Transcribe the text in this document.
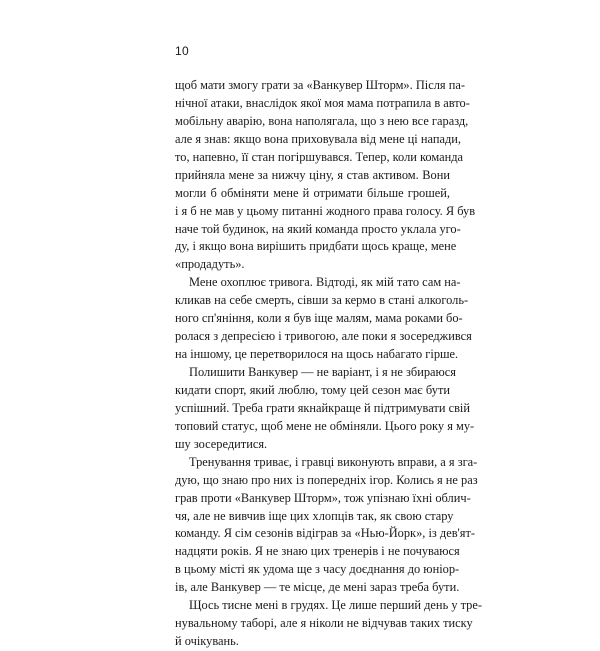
10
щоб мати змогу грати за «Ванкувер Шторм». Після па-
нічної атаки, внаслідок якої моя мама потрапила в авто-
мобільну аварію, вона наполягала, що з нею все гаразд,
але я знав: якщо вона приховувала від мене ці напади,
то, напевно, її стан погіршувався. Тепер, коли команда
прийняла мене за нижчу ціну, я став активом. Вони
могли б обміняти мене й отримати більше грошей,
і я б не мав у цьому питанні жодного права голосу. Я був
наче той будинок, на який команда просто уклала уго-
ду, і якщо вона вирішить придбати щось краще, мене
«продадуть».
Мене охоплює тривога. Відтоді, як мій тато сам на-
кликав на себе смерть, сівши за кермо в стані алкоголь-
ного сп'яніння, коли я був іще малям, мама роками бо-
ролася з депресією і тривогою, але поки я зосереджився
на іншому, це перетворилося на щось набагато гірше.
Полишити Ванкувер — не варіант, і я не збираюся
кидати спорт, який люблю, тому цей сезон має бути
успішний. Треба грати якнайкраще й підтримувати свій
топовий статус, щоб мене не обміняли. Цього року я му-
шу зосередитися.
Тренування триває, і гравці виконують вправи, а я зга-
дую, що знаю про них із попередніх ігор. Колись я не раз
грав проти «Ванкувер Шторм», тож упізнаю їхні облич-
чя, але не вивчив іще цих хлопців так, як свою стару
команду. Я сім сезонів відіграв за «Нью-Йорк», із дев'ят-
надцяти років. Я не знаю цих тренерів і не почуваюся
в цьому місті як удома ще з часу доєднання до юніор-
ів, але Ванкувер — те місце, де мені зараз треба бути.
Щось тисне мені в грудях. Це лише перший день у тре-
нувальному таборі, але я ніколи не відчував таких тиску
й очікувань.
